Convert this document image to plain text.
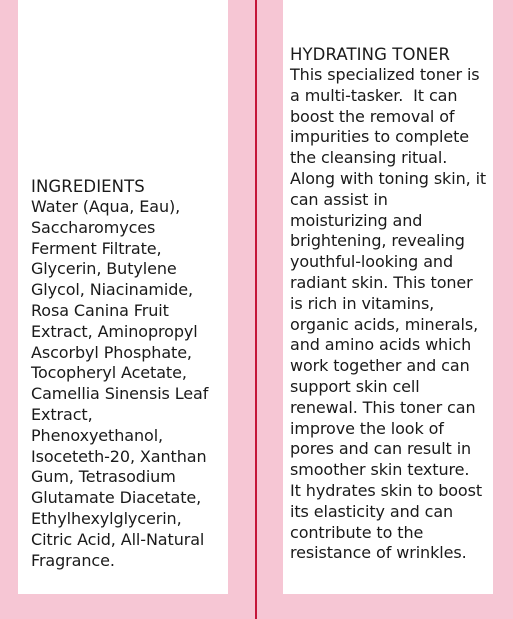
INGREDIENTS

Water (Aqua, Eau),
Saccharomyces
Ferment Filtrate,
Glycerin, Butylene
Glycol, Niacinamide,
Rosa Canina Fruit
Extract, Aminopropyl
Ascorbyl Phosphate,
Tocopheryl Acetate,
Camellia Sinensis Leaf
Extract,
Phenoxyethanol,
Isoceteth-20, Xanthan
Gum, Tetrasodium
Glutamate Diacetate,
Ethylhexylglycerin,
Citric Acid, All-Natural
Fragrance.

HYDRATING TONER

This specialized toner is
a multi-tasker.  It can
boost the removal of
impurities to complete
the cleansing ritual.
Along with toning skin, it
can assist in
moisturizing and
brightening, revealing
youthful-looking and
radiant skin. This toner
is rich in vitamins,
organic acids, minerals,
and amino acids which
work together and can
support skin cell
renewal. This toner can
improve the look of
pores and can result in
smoother skin texture.
It hydrates skin to boost
its elasticity and can
contribute to the
resistance of wrinkles.
